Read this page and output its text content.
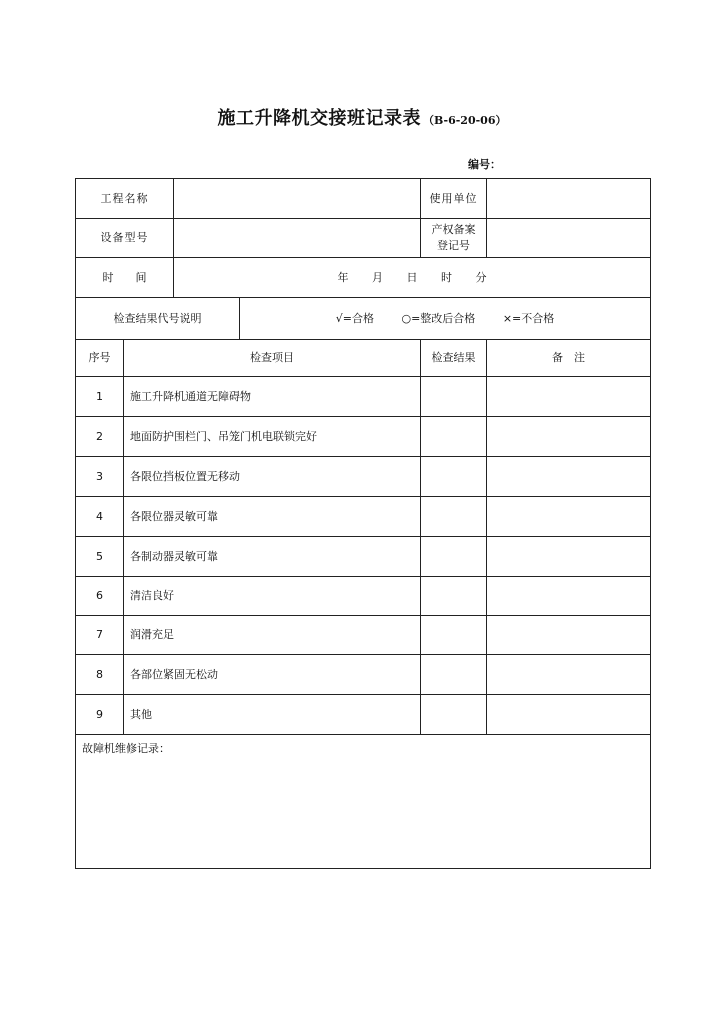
施工升降机交接班记录表 （B-6-20-06）
编号：
工程名称				使用单位	
设备型号				产权备案登记号	
时　　间		年 月 日 时 分			
检查结果代号说明			√=合格 ○=整改后合格 ×=不合格		
序号	检查项目			检查结果	备　注
1	施工升降机通道无障碍物				
2	地面防护围栏门、吊笼门机电联锁完好				
3	各限位挡板位置无移动				
4	各限位器灵敏可靠				
5	各制动器灵敏可靠				
6	清洁良好				
7	润滑充足				
8	各部位紧固无松动				
9	其他				
故障机维修记录：					
